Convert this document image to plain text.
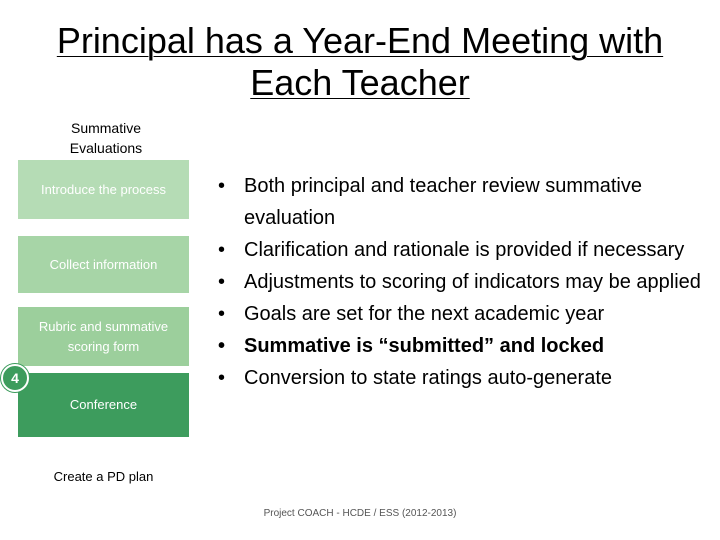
Principal has a Year-End Meeting with Each Teacher
Summative Evaluations
Introduce the process
Collect information
Rubric and summative scoring form
Conference
Create a PD plan
4
• Both principal and teacher review summative evaluation
• Clarification and rationale is provided if necessary
• Adjustments to scoring of indicators may be applied
• Goals are set for the next academic year
• Summative is “submitted” and locked
• Conversion to state ratings auto-generate
Project COACH - HCDE / ESS (2012-2013)
